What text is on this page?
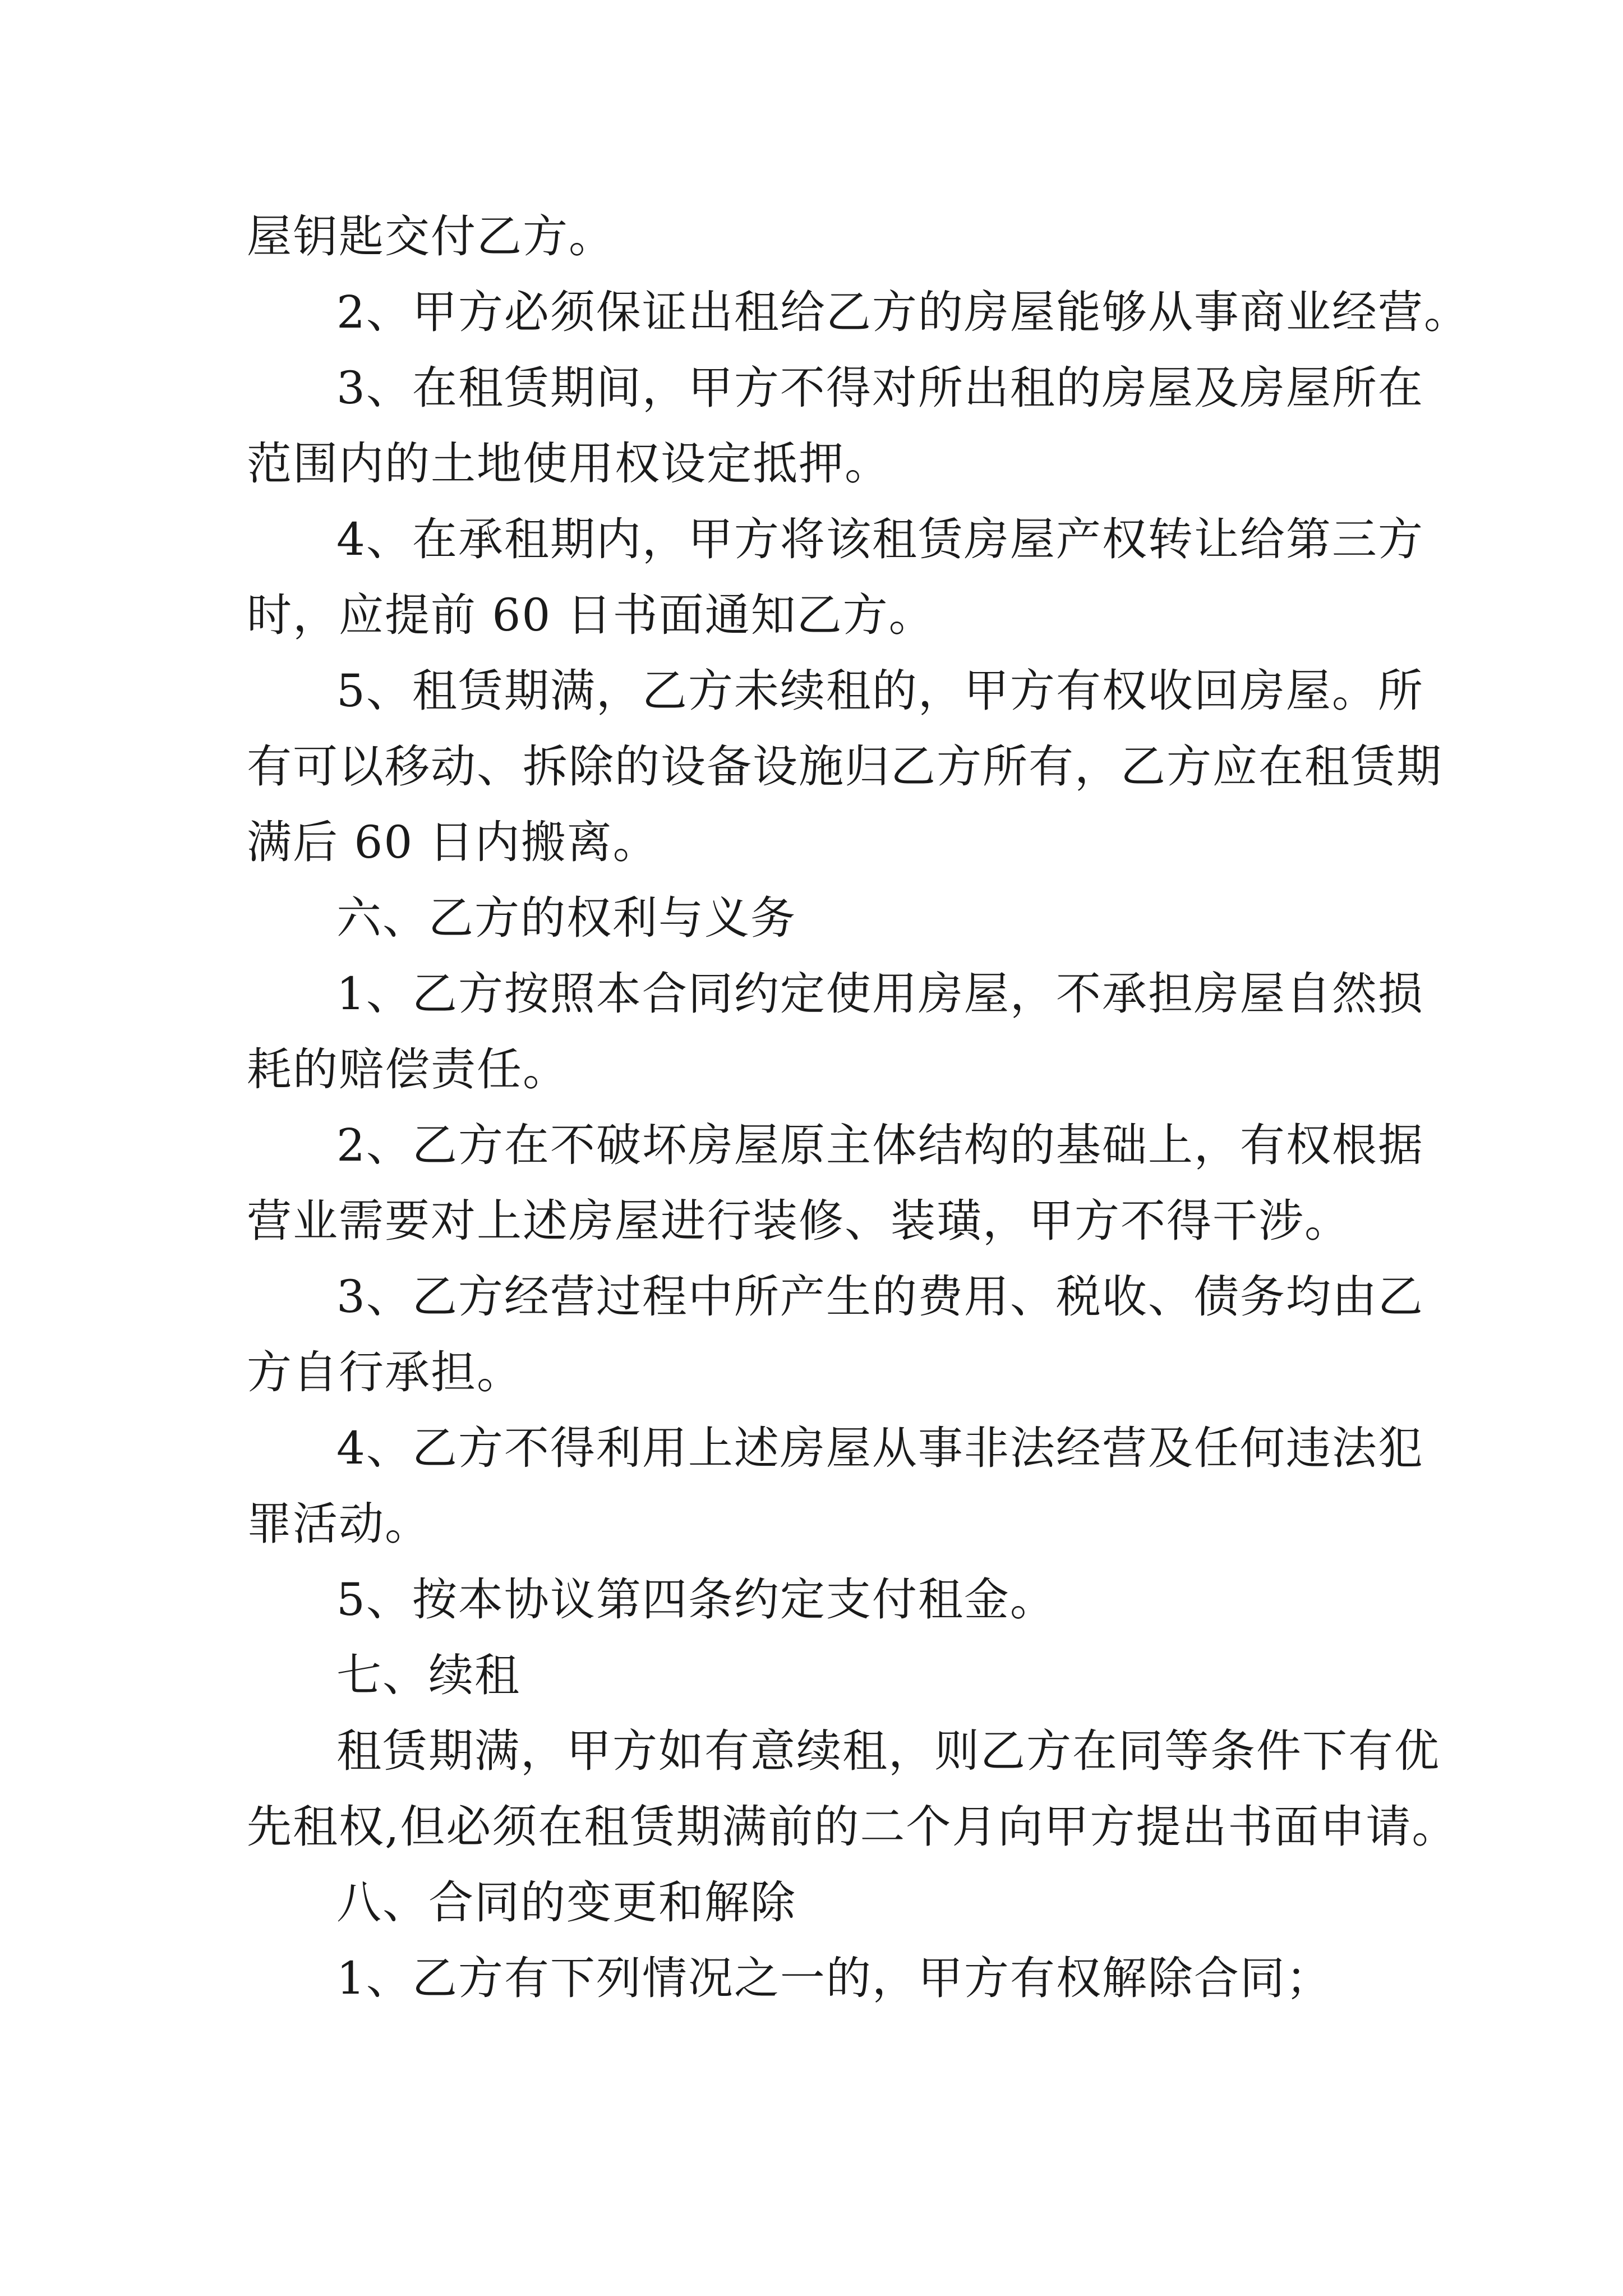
屋钥匙交付乙方。
2、甲方必须保证出租给乙方的房屋能够从事商业经营。
3、在租赁期间，甲方不得对所出租的房屋及房屋所在
范围内的土地使用权设定抵押。
4、在承租期内，甲方将该租赁房屋产权转让给第三方
时，应提前 60 日书面通知乙方。
5、租赁期满，乙方未续租的，甲方有权收回房屋。所
有可以移动、拆除的设备设施归乙方所有，乙方应在租赁期
满后 60 日内搬离。
六、乙方的权利与义务
1、乙方按照本合同约定使用房屋，不承担房屋自然损
耗的赔偿责任。
2、乙方在不破坏房屋原主体结构的基础上，有权根据
营业需要对上述房屋进行装修、装璜，甲方不得干涉。
3、乙方经营过程中所产生的费用、税收、债务均由乙
方自行承担。
4、乙方不得利用上述房屋从事非法经营及任何违法犯
罪活动。
5、按本协议第四条约定支付租金。
七、续租
租赁期满，甲方如有意续租，则乙方在同等条件下有优
先租权,但必须在租赁期满前的二个月向甲方提出书面申请。
八、合同的变更和解除
1、乙方有下列情况之一的，甲方有权解除合同；
